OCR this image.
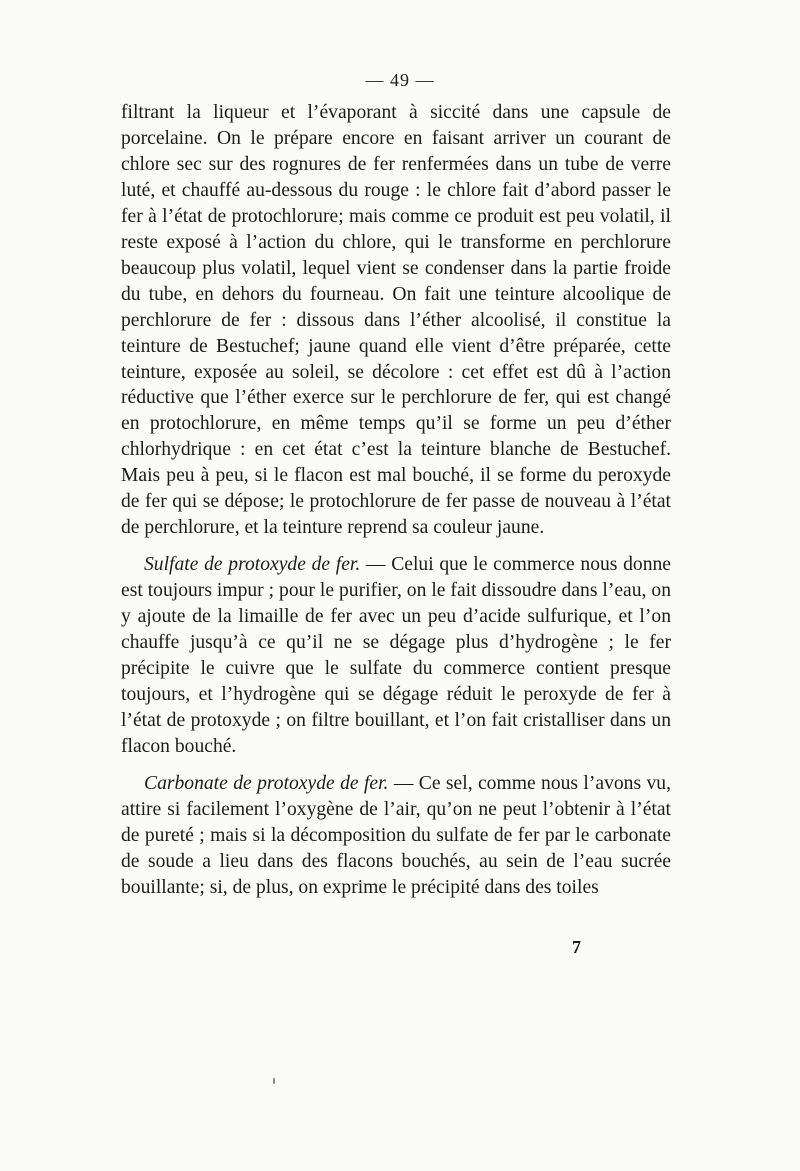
— 49 —

filtrant la liqueur et l’évaporant à siccité dans une capsule de porcelaine. On le prépare encore en faisant arriver un courant de chlore sec sur des rognures de fer renfermées dans un tube de verre luté, et chauffé au-dessous du rouge : le chlore fait d’abord passer le fer à l’état de protochlorure; mais comme ce produit est peu volatil, il reste exposé à l’action du chlore, qui le transforme en perchlorure beaucoup plus volatil, lequel vient se condenser dans la partie froide du tube, en dehors du fourneau. On fait une teinture alcoolique de perchlorure de fer : dissous dans l’éther alcoolisé, il constitue la teinture de Bestuchef; jaune quand elle vient d’être préparée, cette teinture, exposée au soleil, se décolore : cet effet est dû à l’action réductive que l’éther exerce sur le perchlorure de fer, qui est changé en protochlorure, en même temps qu’il se forme un peu d’éther chlorhydrique : en cet état c’est la teinture blanche de Bestuchef. Mais peu à peu, si le flacon est mal bouché, il se forme du peroxyde de fer qui se dépose; le protochlorure de fer passe de nouveau à l’état de perchlorure, et la teinture reprend sa couleur jaune.

Sulfate de protoxyde de fer. — Celui que le commerce nous donne est toujours impur ; pour le purifier, on le fait dissoudre dans l’eau, on y ajoute de la limaille de fer avec un peu d’acide sulfurique, et l’on chauffe jusqu’à ce qu’il ne se dégage plus d’hydrogène ; le fer précipite le cuivre que le sulfate du commerce contient presque toujours, et l’hydrogène qui se dégage réduit le peroxyde de fer à l’état de protoxyde ; on filtre bouillant, et l’on fait cristalliser dans un flacon bouché.

Carbonate de protoxyde de fer. — Ce sel, comme nous l’avons vu, attire si facilement l’oxygène de l’air, qu’on ne peut l’obtenir à l’état de pureté ; mais si la décomposition du sulfate de fer par le carbonate de soude a lieu dans des flacons bouchés, au sein de l’eau sucrée bouillante; si, de plus, on exprime le précipité dans des toiles

7
